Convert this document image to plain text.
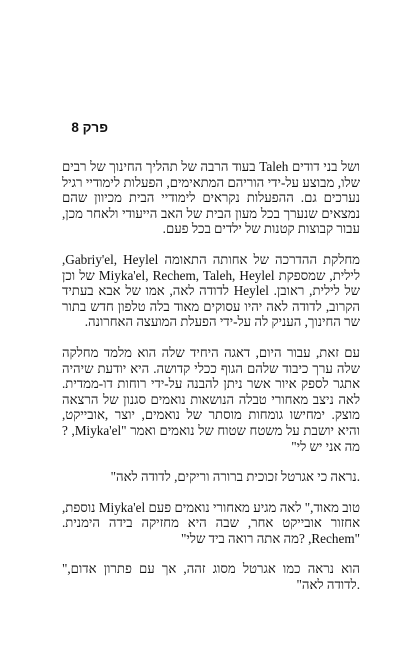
פרק 8

ושל בני דודים Taleh בעוד הרבה של תהליך החינוך של רבים שלו, מבוצע על-ידי הוריהם המתאימים, הפעלות לימודיי רגיל נערכים גם. ההפעלות נקראים לימודיי הבית מכיוון שהם נמצאים שנערך בכל מעון הבית של האב הייעודי ולאחר מכן, עבור קבוצות קטנות של ילדים בכל פעם.

מחלקת ההדרכה של אחותה התאומה Gabriy'el, Heylel, לילית, שמספקת Miyka'el, Rechem, Taleh, Heylel של וכן של לילית, ראובן. Heylel לדודה לאה, אמו של אבא בעתיד הקרוב, לדודה לאה יהיו עסוקים מאוד בלה טלפון חדש בתור שר החינוך, העניק לה על-ידי הפעלת המועצה האחרונה.

עם זאת, עבור היום, דאגה היחיד שלה הוא מלמד מחלקה שלה ערך כיבוד שלהם הגוף ככלי קדושה. היא יודעת שיהיה אתגר לספק איור אשר ניתן להבנה על-ידי רוחות דו-ממדית. לאה ניצב מאחורי טבלה הנושאות נואמים סגנון של הרצאה מוצק. ימחישו גומחות מוסתר של נואמים, יוצר ,אובייקט, והיא יושבת על משטח שטוח של נואמים ואמר "Miyka'el, ?מה אני יש לי"

.נראה כי אגרטל זכוכית ברורה וריקים, לדודה לאה"

טוב מאוד," לאה מגיע מאחורי נואמים פעם Miyka'el נוספת, אחזור אובייקט אחר, שבה היא מחזיקה בידה הימנית. "Rechem, ?מה אתה רואה ביד שלי"

הוא נראה כמו אגרטל מסוג זהה, אך עם פתרון אדום," .לדודה לאה"
